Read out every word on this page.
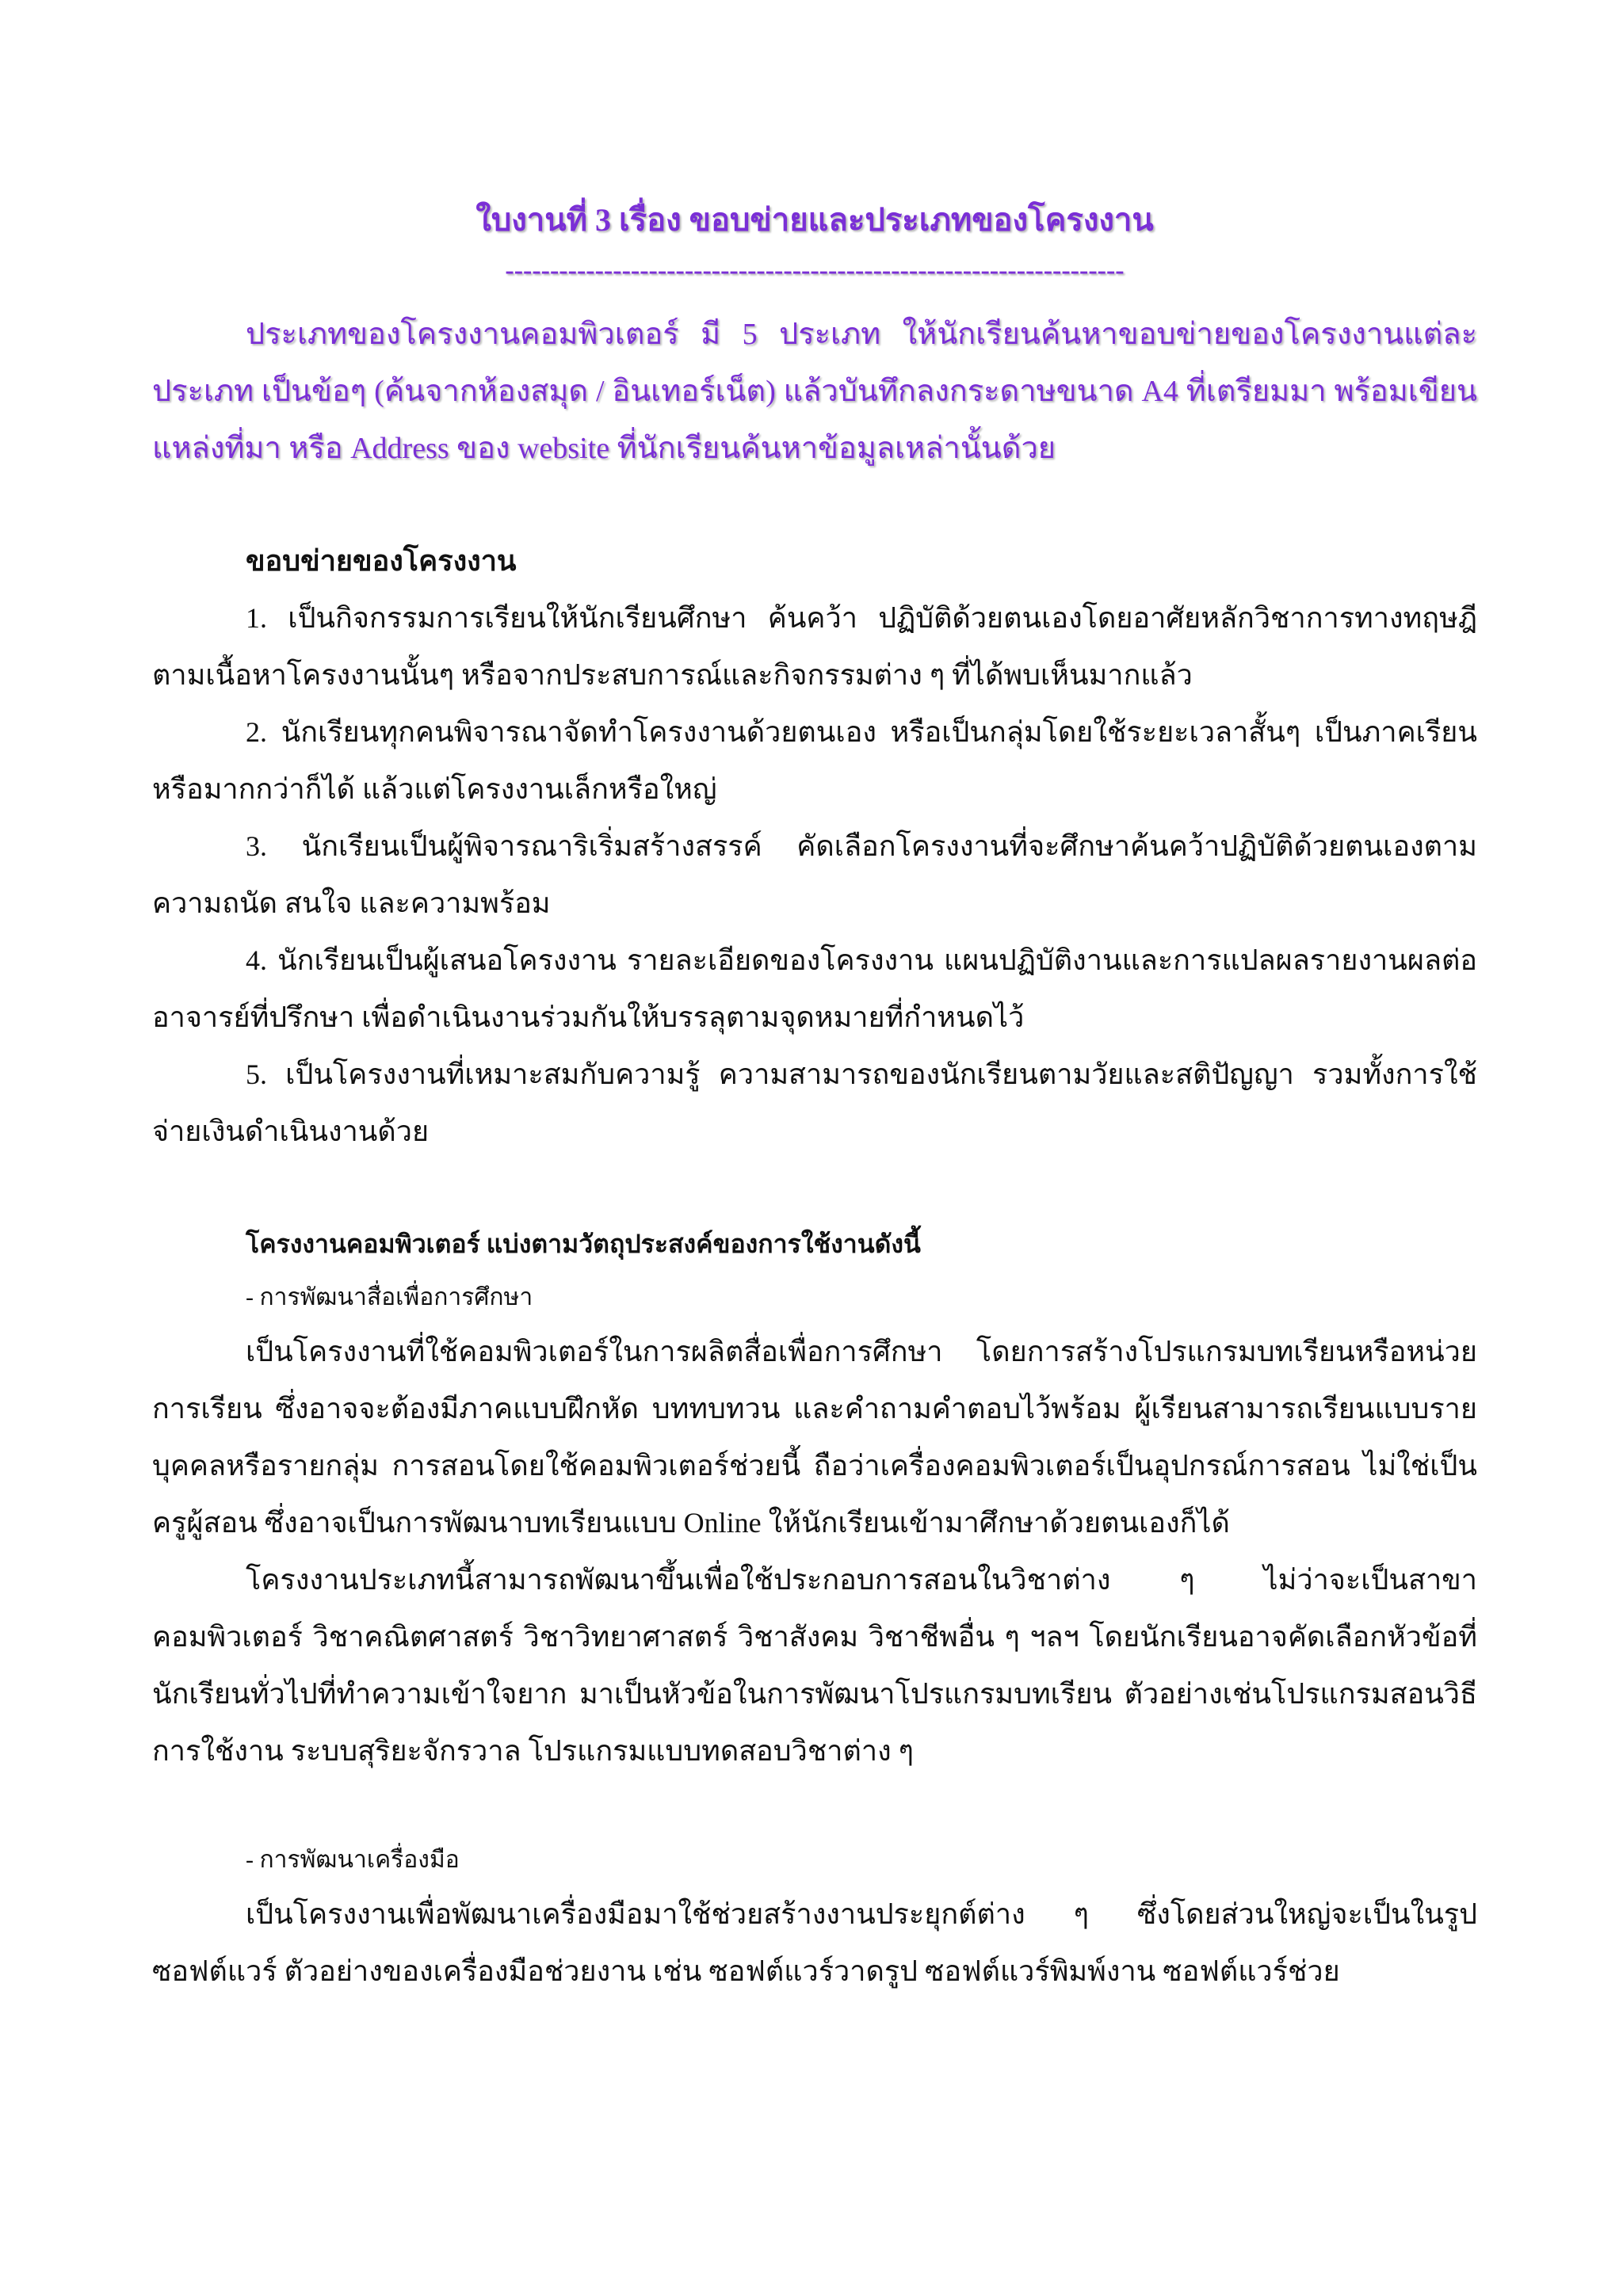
ใบงานที่ 3 เรื่อง ขอบข่ายและประเภทของโครงงาน
---------------------------------------------------------------------

ประเภทของโครงงานคอมพิวเตอร์ มี 5 ประเภท ให้นักเรียนค้นหาขอบข่ายของโครงงานแต่ละประเภท เป็นข้อๆ (ค้นจากห้องสมุด / อินเทอร์เน็ต) แล้วบันทึกลงกระดาษขนาด A4 ที่เตรียมมา พร้อมเขียน แหล่งที่มา หรือ Address ของ website ที่นักเรียนค้นหาข้อมูลเหล่านั้นด้วย

ขอบข่ายของโครงงาน

1. เป็นกิจกรรมการเรียนให้นักเรียนศึกษา ค้นคว้า ปฏิบัติด้วยตนเองโดยอาศัยหลักวิชาการทางทฤษฎีตามเนื้อหาโครงงานนั้นๆ หรือจากประสบการณ์และกิจกรรมต่าง ๆ ที่ได้พบเห็นมากแล้ว

2. นักเรียนทุกคนพิจารณาจัดทำโครงงานด้วยตนเอง หรือเป็นกลุ่มโดยใช้ระยะเวลาสั้นๆ เป็นภาคเรียน หรือมากกว่าก็ได้ แล้วแต่โครงงานเล็กหรือใหญ่

3. นักเรียนเป็นผู้พิจารณาริเริ่มสร้างสรรค์ คัดเลือกโครงงานที่จะศึกษาค้นคว้าปฏิบัติด้วยตนเองตามความถนัด สนใจ และความพร้อม

4. นักเรียนเป็นผู้เสนอโครงงาน รายละเอียดของโครงงาน แผนปฏิบัติงานและการแปลผลรายงานผลต่ออาจารย์ที่ปรึกษา เพื่อดำเนินงานร่วมกันให้บรรลุตามจุดหมายที่กำหนดไว้

5. เป็นโครงงานที่เหมาะสมกับความรู้ ความสามารถของนักเรียนตามวัยและสติปัญญา รวมทั้งการใช้จ่ายเงินดำเนินงานด้วย

โครงงานคอมพิวเตอร์ แบ่งตามวัตถุประสงค์ของการใช้งานดังนี้
- การพัฒนาสื่อเพื่อการศึกษา

เป็นโครงงานที่ใช้คอมพิวเตอร์ในการผลิตสื่อเพื่อการศึกษา โดยการสร้างโปรแกรมบทเรียนหรือหน่วยการเรียน ซึ่งอาจจะต้องมีภาคแบบฝึกหัด บททบทวน และคำถามคำตอบไว้พร้อม ผู้เรียนสามารถเรียนแบบรายบุคคลหรือรายกลุ่ม การสอนโดยใช้คอมพิวเตอร์ช่วยนี้ ถือว่าเครื่องคอมพิวเตอร์เป็นอุปกรณ์การสอน ไม่ใช่เป็นครูผู้สอน ซึ่งอาจเป็นการพัฒนาบทเรียนแบบ Online ให้นักเรียนเข้ามาศึกษาด้วยตนเองก็ได้

โครงงานประเภทนี้สามารถพัฒนาขึ้นเพื่อใช้ประกอบการสอนในวิชาต่าง ๆ ไม่ว่าจะเป็นสาขาคอมพิวเตอร์ วิชาคณิตศาสตร์ วิชาวิทยาศาสตร์ วิชาสังคม วิชาชีพอื่น ๆ ฯลฯ โดยนักเรียนอาจคัดเลือกหัวข้อที่นักเรียนทั่วไปที่ทำความเข้าใจยาก มาเป็นหัวข้อในการพัฒนาโปรแกรมบทเรียน ตัวอย่างเช่นโปรแกรมสอนวิธีการใช้งาน ระบบสุริยะจักรวาล โปรแกรมแบบทดสอบวิชาต่าง ๆ

- การพัฒนาเครื่องมือ

เป็นโครงงานเพื่อพัฒนาเครื่องมือมาใช้ช่วยสร้างงานประยุกต์ต่าง ๆ ซึ่งโดยส่วนใหญ่จะเป็นในรูปซอฟต์แวร์ ตัวอย่างของเครื่องมือช่วยงาน เช่น ซอฟต์แวร์วาดรูป ซอฟต์แวร์พิมพ์งาน ซอฟต์แวร์ช่วย
